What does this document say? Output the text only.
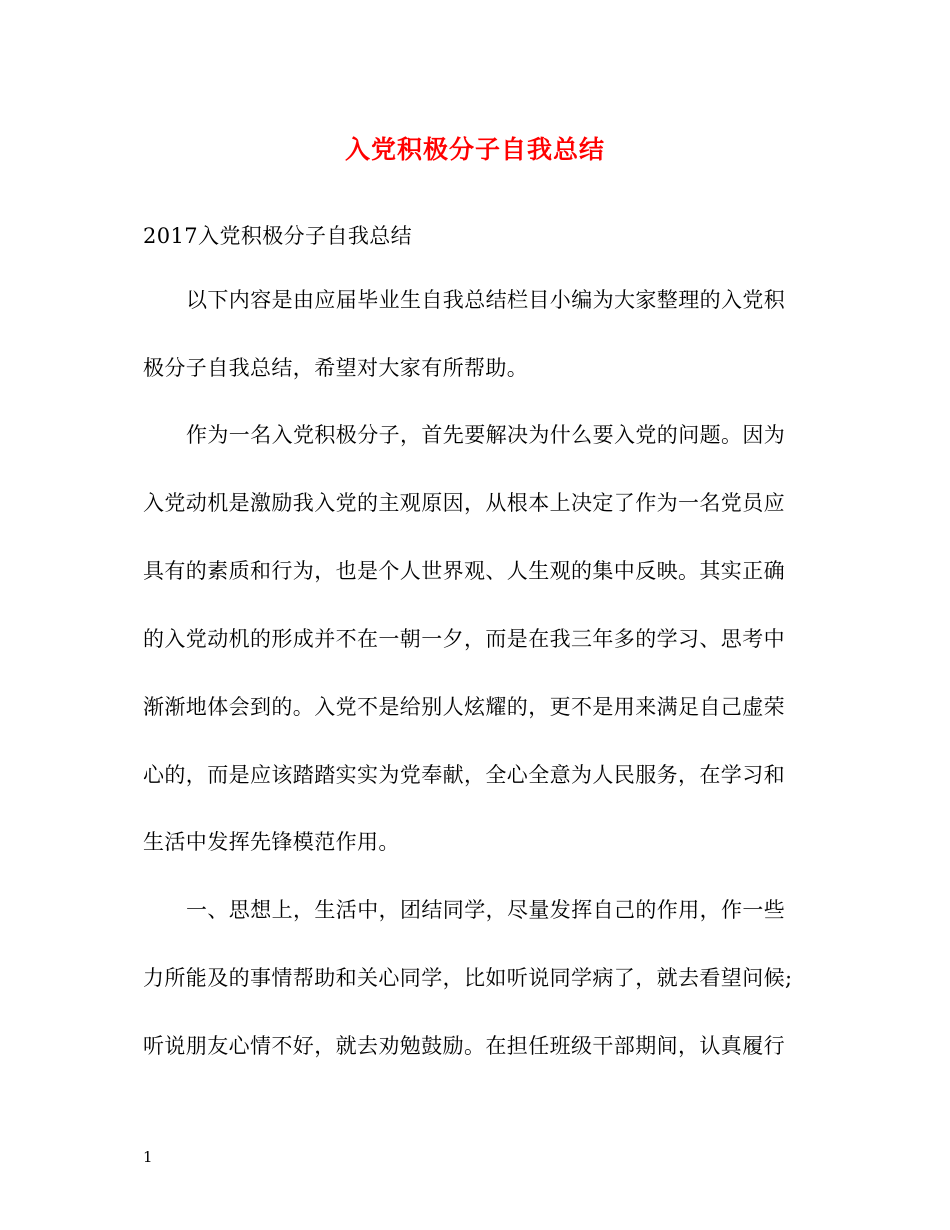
入党积极分子自我总结
2017入党积极分子自我总结
以下内容是由应届毕业生自我总结栏目小编为大家整理的入党积
极分子自我总结，希望对大家有所帮助。
作为一名入党积极分子，首先要解决为什么要入党的问题。因为
入党动机是激励我入党的主观原因，从根本上决定了作为一名党员应
具有的素质和行为，也是个人世界观、人生观的集中反映。其实正确
的入党动机的形成并不在一朝一夕，而是在我三年多的学习、思考中
渐渐地体会到的。入党不是给别人炫耀的，更不是用来满足自己虚荣
心的，而是应该踏踏实实为党奉献，全心全意为人民服务，在学习和
生活中发挥先锋模范作用。
一、思想上，生活中，团结同学，尽量发挥自己的作用，作一些
力所能及的事情帮助和关心同学，比如听说同学病了，就去看望问候;
听说朋友心情不好，就去劝勉鼓励。在担任班级干部期间，认真履行
1
